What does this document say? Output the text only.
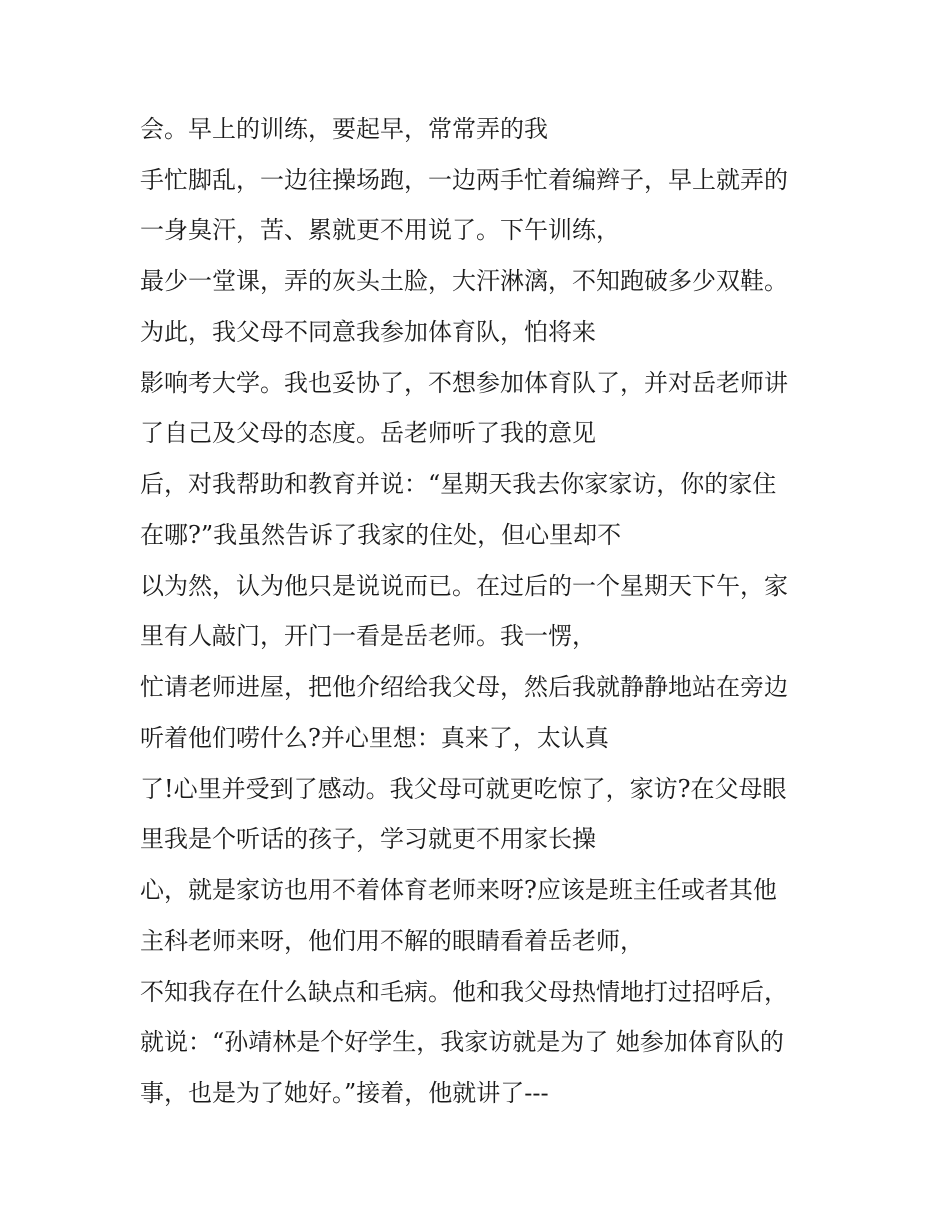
会。早上的训练，要起早，常常弄的我

手忙脚乱，一边往操场跑，一边两手忙着编辫子，早上就弄的

一身臭汗，苦、累就更不用说了。下午训练，

最少一堂课，弄的灰头土脸，大汗淋漓，不知跑破多少双鞋。

为此，我父母不同意我参加体育队，怕将来

影响考大学。我也妥协了，不想参加体育队了，并对岳老师讲

了自己及父母的态度。岳老师听了我的意见

后，对我帮助和教育并说：“星期天我去你家家访，你的家住

在哪?”我虽然告诉了我家的住处，但心里却不

以为然，认为他只是说说而已。在过后的一个星期天下午，家

里有人敲门，开门一看是岳老师。我一愣，

忙请老师进屋，把他介绍给我父母，然后我就静静地站在旁边

听着他们唠什么?并心里想：真来了，太认真

了!心里并受到了感动。我父母可就更吃惊了，家访?在父母眼

里我是个听话的孩子，学习就更不用家长操

心，就是家访也用不着体育老师来呀?应该是班主任或者其他

主科老师来呀，他们用不解的眼睛看着岳老师，

不知我存在什么缺点和毛病。他和我父母热情地打过招呼后，

就说：“孙靖林是个好学生，我家访就是为了 她参加体育队的

事，也是为了她好。”接着，他就讲了---
